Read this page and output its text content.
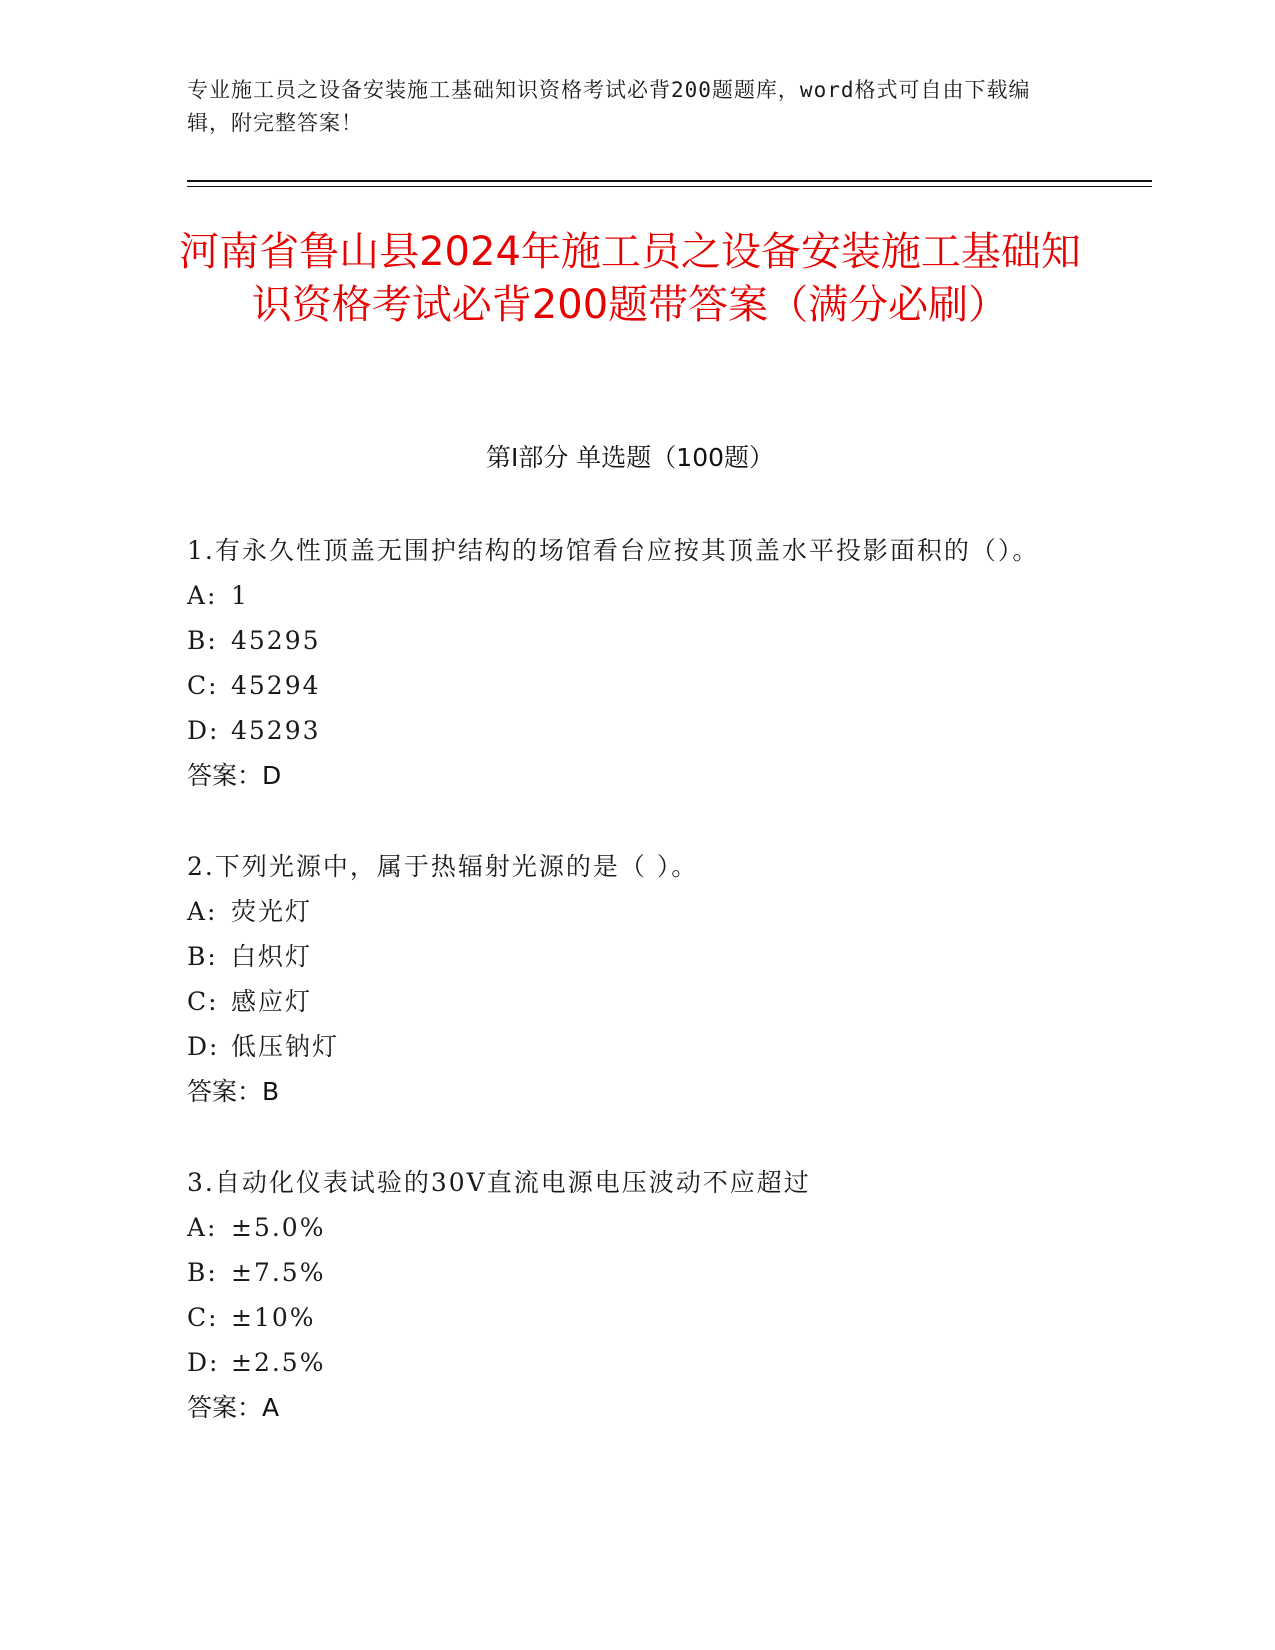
专业施工员之设备安装施工基础知识资格考试必背200题题库，word格式可自由下载编辑，附完整答案！
河南省鲁山县2024年施工员之设备安装施工基础知识资格考试必背200题带答案（满分必刷）
第Ⅰ部分 单选题（100题）
1.有永久性顶盖无围护结构的场馆看台应按其顶盖水平投影面积的（）。
A: 1
B: 45295
C: 45294
D: 45293
答案：D
2.下列光源中，属于热辐射光源的是（ ）。
A: 荧光灯
B: 白炽灯
C: 感应灯
D: 低压钠灯
答案：B
3.自动化仪表试验的30V直流电源电压波动不应超过
A: ±5.0%
B: ±7.5%
C: ±10%
D: ±2.5%
答案：A
